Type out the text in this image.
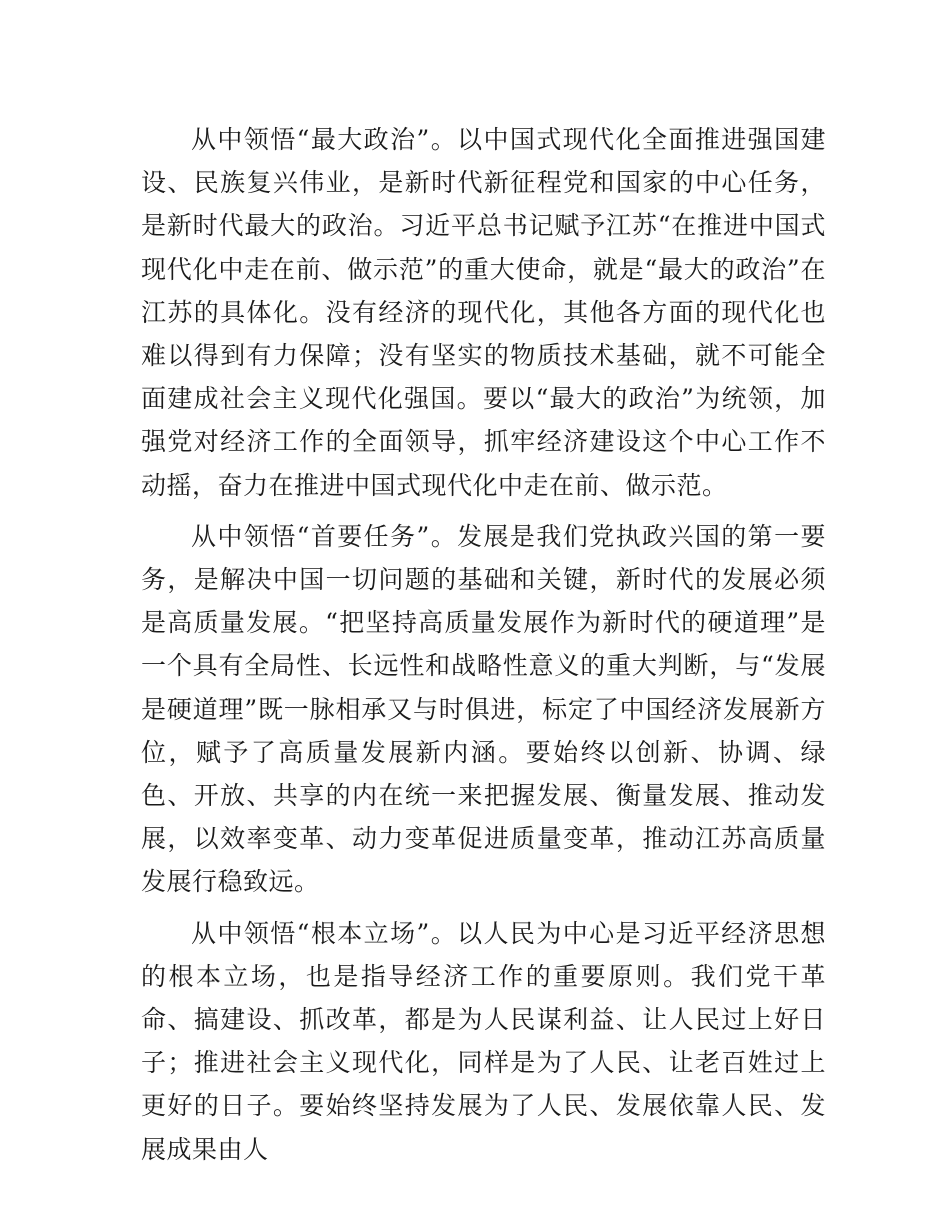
从中领悟“最大政治”。以中国式现代化全面推进强国建设、民族复兴伟业，是新时代新征程党和国家的中心任务，是新时代最大的政治。习近平总书记赋予江苏“在推进中国式现代化中走在前、做示范”的重大使命，就是“最大的政治”在江苏的具体化。没有经济的现代化，其他各方面的现代化也难以得到有力保障；没有坚实的物质技术基础，就不可能全面建成社会主义现代化强国。要以“最大的政治”为统领，加强党对经济工作的全面领导，抓牢经济建设这个中心工作不动摇，奋力在推进中国式现代化中走在前、做示范。

从中领悟“首要任务”。发展是我们党执政兴国的第一要务，是解决中国一切问题的基础和关键，新时代的发展必须是高质量发展。“把坚持高质量发展作为新时代的硬道理”是一个具有全局性、长远性和战略性意义的重大判断，与“发展是硬道理”既一脉相承又与时俱进，标定了中国经济发展新方位，赋予了高质量发展新内涵。要始终以创新、协调、绿色、开放、共享的内在统一来把握发展、衡量发展、推动发展，以效率变革、动力变革促进质量变革，推动江苏高质量发展行稳致远。

从中领悟“根本立场”。以人民为中心是习近平经济思想的根本立场，也是指导经济工作的重要原则。我们党干革命、搞建设、抓改革，都是为人民谋利益、让人民过上好日子；推进社会主义现代化，同样是为了人民、让老百姓过上更好的日子。要始终坚持发展为了人民、发展依靠人民、发展成果由人
